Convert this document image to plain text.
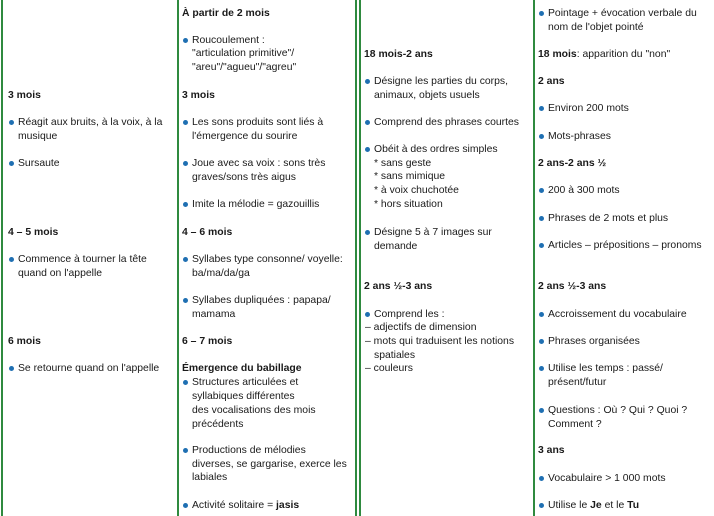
3 mois
Réagit aux bruits, à la voix, à la musique
Sursaute
4 – 5 mois
Commence à tourner la tête quand on l'appelle
6 mois
Se retourne quand on l'appelle
À partir de 2 mois
Roucoulement :
"articulation primitive"/
"areu"/"agueu"/"agreu"
3 mois
Les sons produits sont liés à l'émergence du sourire
Joue avec sa voix : sons très graves/sons très aigus
Imite la mélodie = gazouillis
4 – 6 mois
Syllabes type consonne/ voyelle: ba/ma/da/ga
Syllabes dupliquées : papapa/ mamama
6 – 7 mois
Émergence du babillage
Structures articulées et syllabiques différentes
des vocalisations des mois précédents
Productions de mélodies diverses, se gargarise, exerce les labiales
Activité solitaire = jasis
18 mois-2 ans
Désigne les parties du corps, animaux, objets usuels
Comprend des phrases courtes
Obéit à des ordres simples
* sans geste
* sans mimique
* à voix chuchotée
* hors situation
Désigne 5 à 7 images sur demande
2 ans ½-3 ans
Comprend les :
– adjectifs de dimension
– mots qui traduisent les notions spatiales
– couleurs
Pointage + évocation verbale du nom de l'objet pointé
18 mois: apparition du "non"
2 ans
Environ 200 mots
Mots-phrases
2 ans-2 ans ½
200 à 300 mots
Phrases de 2 mots et plus
Articles – prépositions – pronoms
2 ans ½-3 ans
Accroissement du vocabulaire
Phrases organisées
Utilise les temps : passé/ présent/futur
Questions : Où ? Qui ? Quoi ? Comment ?
3 ans
Vocabulaire > 1 000 mots
Utilise le Je et le Tu
